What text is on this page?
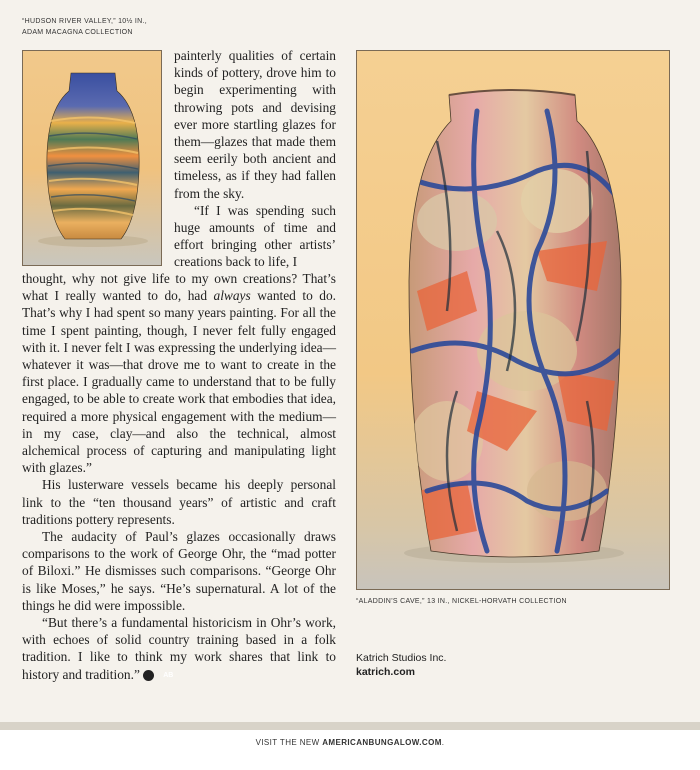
“HUDSON RIVER VALLEY,” 10½ IN.,
ADAM MACAGNA COLLECTION

painterly qualities of certain kinds of pottery, drove him to begin experimenting with throwing pots and devising ever more startling glazes for them—glazes that made them seem eerily both ancient and timeless, as if they had fallen from the sky.

“If I was spending such huge amounts of time and effort bringing other artists’ creations back to life, I

thought, why not give life to my own creations? That’s what I really wanted to do, had always wanted to do. That’s why I had spent so many years painting. For all the time I spent painting, though, I never felt fully engaged with it. I never felt I was expressing the underlying idea—whatever it was—that drove me to want to create in the first place. I gradually came to understand that to be fully engaged, to be able to create work that embodies that idea, required a more physical engagement with the medium—in my case, clay—and also the technical, almost alchemical process of capturing and manipulating light with glazes.”

His lusterware vessels became his deeply personal link to the “ten thousand years” of artistic and craft traditions pottery represents.

The audacity of Paul’s glazes occasionally draws comparisons to the work of George Ohr, the “mad potter of Biloxi.” He dismisses such comparisons. “George Ohr is like Moses,” he says. “He’s supernatural. A lot of the things he did were impossible.

“But there’s a fundamental historicism in Ohr’s work, with echoes of solid country training based in a folk tradition. I like to think my work shares that link to history and tradition.”	AB

“ALADDIN’S CAVE,” 13 IN., NICKEL-HORVATH COLLECTION
Katrich Studios Inc.
katrich.com
VISIT THE NEW AMERICANBUNGALOW.COM.
